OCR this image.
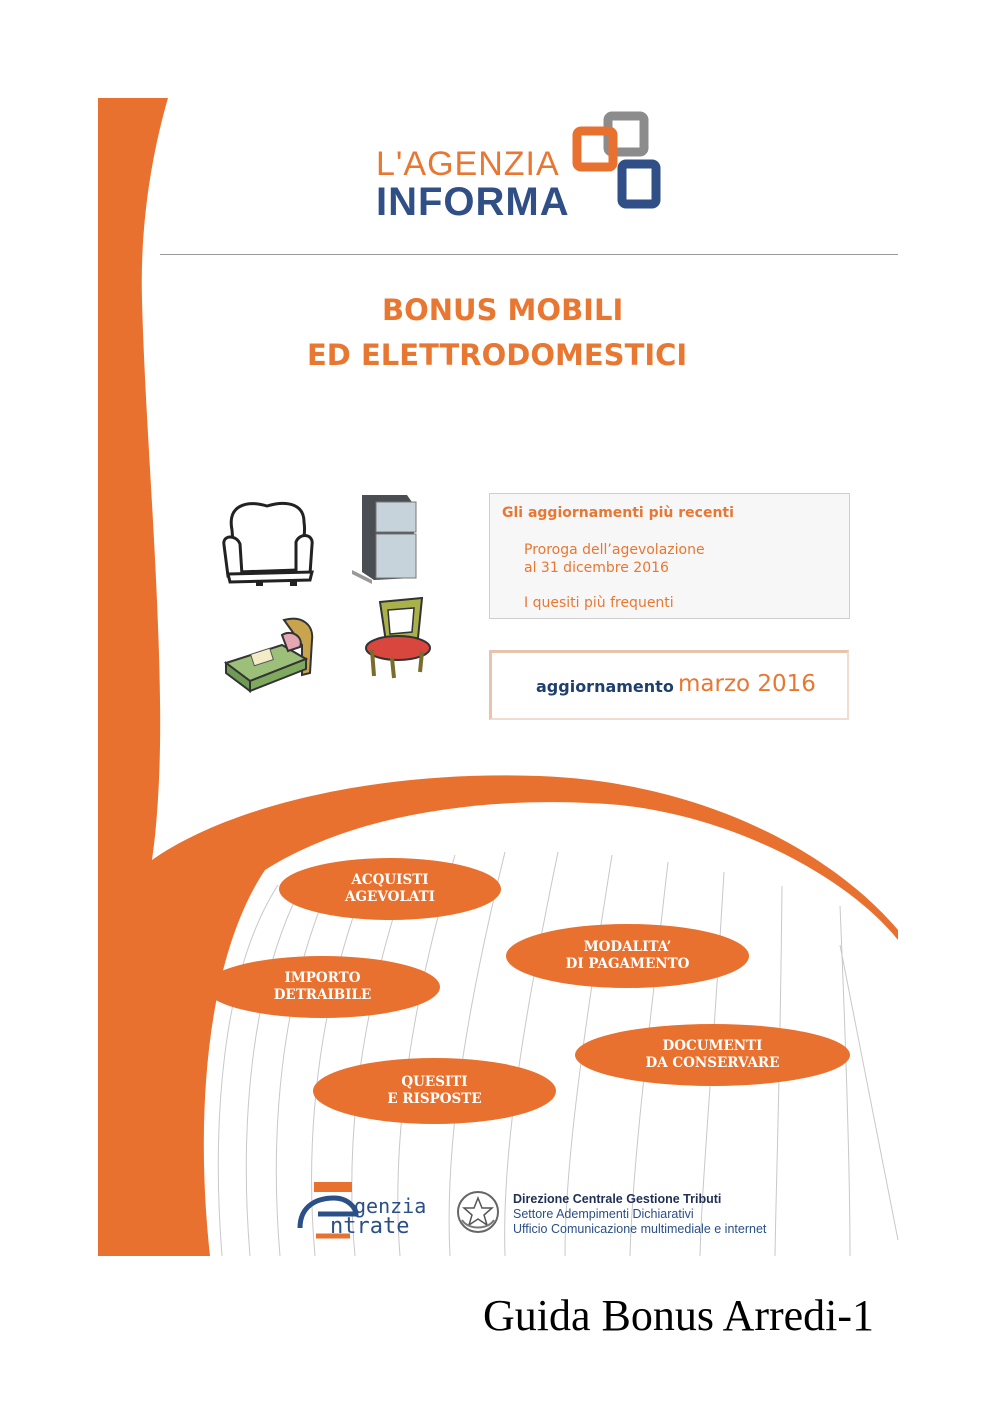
L'AGENZIA
INFORMA
BONUS MOBILI
ED ELETTRODOMESTICI
Gli aggiornamenti più recenti
Proroga dell’agevolazione
al 31 dicembre 2016
I quesiti più frequenti
aggiornamento marzo 2016
ACQUISTI
AGEVOLATI
MODALITA’
DI PAGAMENTO
IMPORTO
DETRAIBILE
DOCUMENTI
DA CONSERVARE
QUESITI
E RISPOSTE
genzia
ntrate
Direzione Centrale Gestione Tributi
Settore Adempimenti Dichiarativi
Ufficio Comunicazione multimediale e internet
Guida Bonus Arredi-1
